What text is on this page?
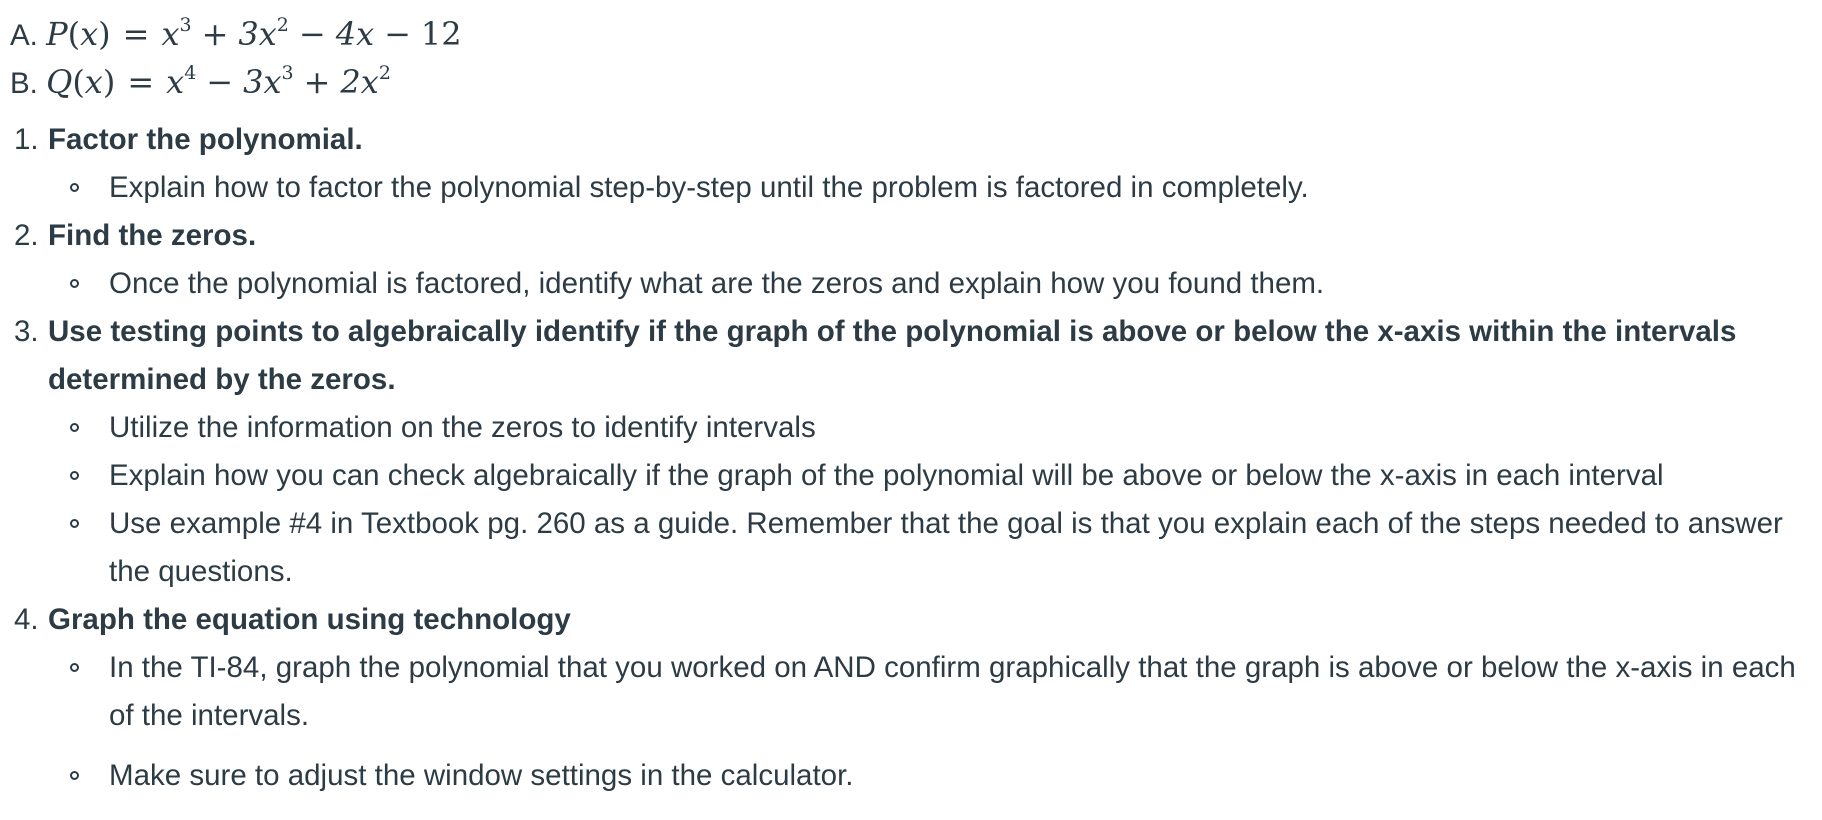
A. $P(x) = x^3 + 3x^2 - 4x - 12$
B. $Q(x) = x^4 - 3x^3 + 2x^2$
1. Factor the polynomial.
Explain how to factor the polynomial step-by-step until the problem is factored in completely.
2. Find the zeros.
Once the polynomial is factored, identify what are the zeros and explain how you found them.
3. Use testing points to algebraically identify if the graph of the polynomial is above or below the x-axis within the intervals determined by the zeros.
Utilize the information on the zeros to identify intervals
Explain how you can check algebraically if the graph of the polynomial will be above or below the x-axis in each interval
Use example #4 in Textbook pg. 260 as a guide. Remember that the goal is that you explain each of the steps needed to answer the questions.
4. Graph the equation using technology
In the TI-84, graph the polynomial that you worked on AND confirm graphically that the graph is above or below the x-axis in each of the intervals.
Make sure to adjust the window settings in the calculator.
